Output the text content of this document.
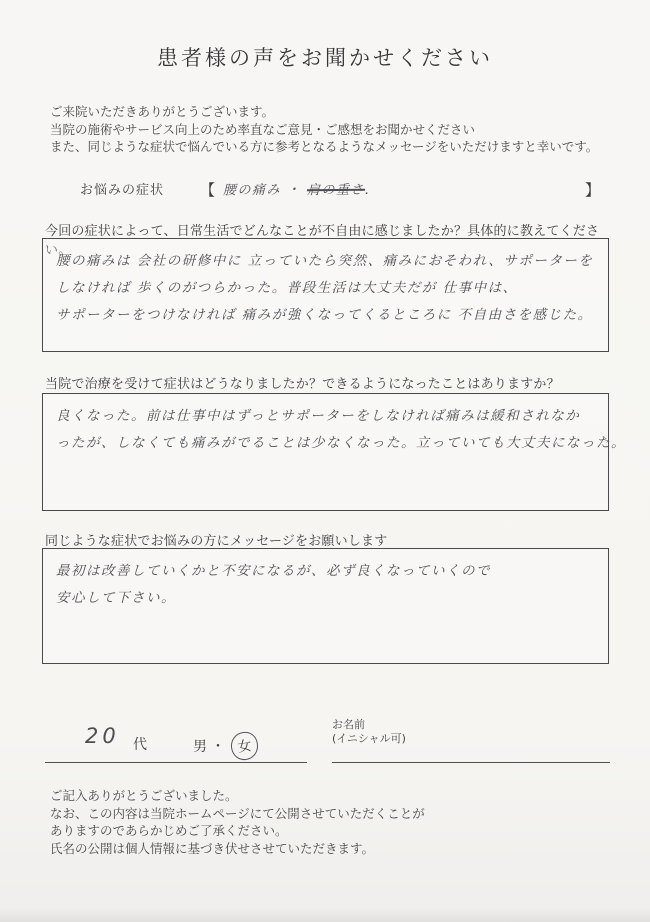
患者様の声をお聞かせください
ご来院いただきありがとうございます。
当院の施術やサービス向上のため率直なご意見・ご感想をお聞かせください
また、同じような症状で悩んでいる方に参考となるようなメッセージをいただけますと幸いです。
お悩みの症状 【 腰の痛み ・ 肩の重さ.	】
今回の症状によって、日常生活でどんなことが不自由に感じましたか？具体的に教えてください。
腰の痛みは 会社の研修中に 立っていたら突然、痛みにおそわれ、サポーターを
しなければ 歩くのがつらかった。普段生活は大丈夫だが 仕事中は、
サポーターをつけなければ 痛みが強くなってくるところに 不自由さを感じた。
当院で治療を受けて症状はどうなりましたか？できるようになったことはありますか？
良くなった。前は仕事中はずっとサポーターをしなければ痛みは緩和されなか
ったが、しなくても痛みがでることは少なくなった。立っていても大丈夫になった。
同じような症状でお悩みの方にメッセージをお願いします
最初は改善していくかと不安になるが、必ず良くなっていくので
安心して下さい。
20 代	男 ・ 女
お名前
(イニシャル可)
ご記入ありがとうございました。
なお、この内容は当院ホームページにて公開させていただくことが
ありますのであらかじめご了承ください。
氏名の公開は個人情報に基づき伏せさせていただきます。
